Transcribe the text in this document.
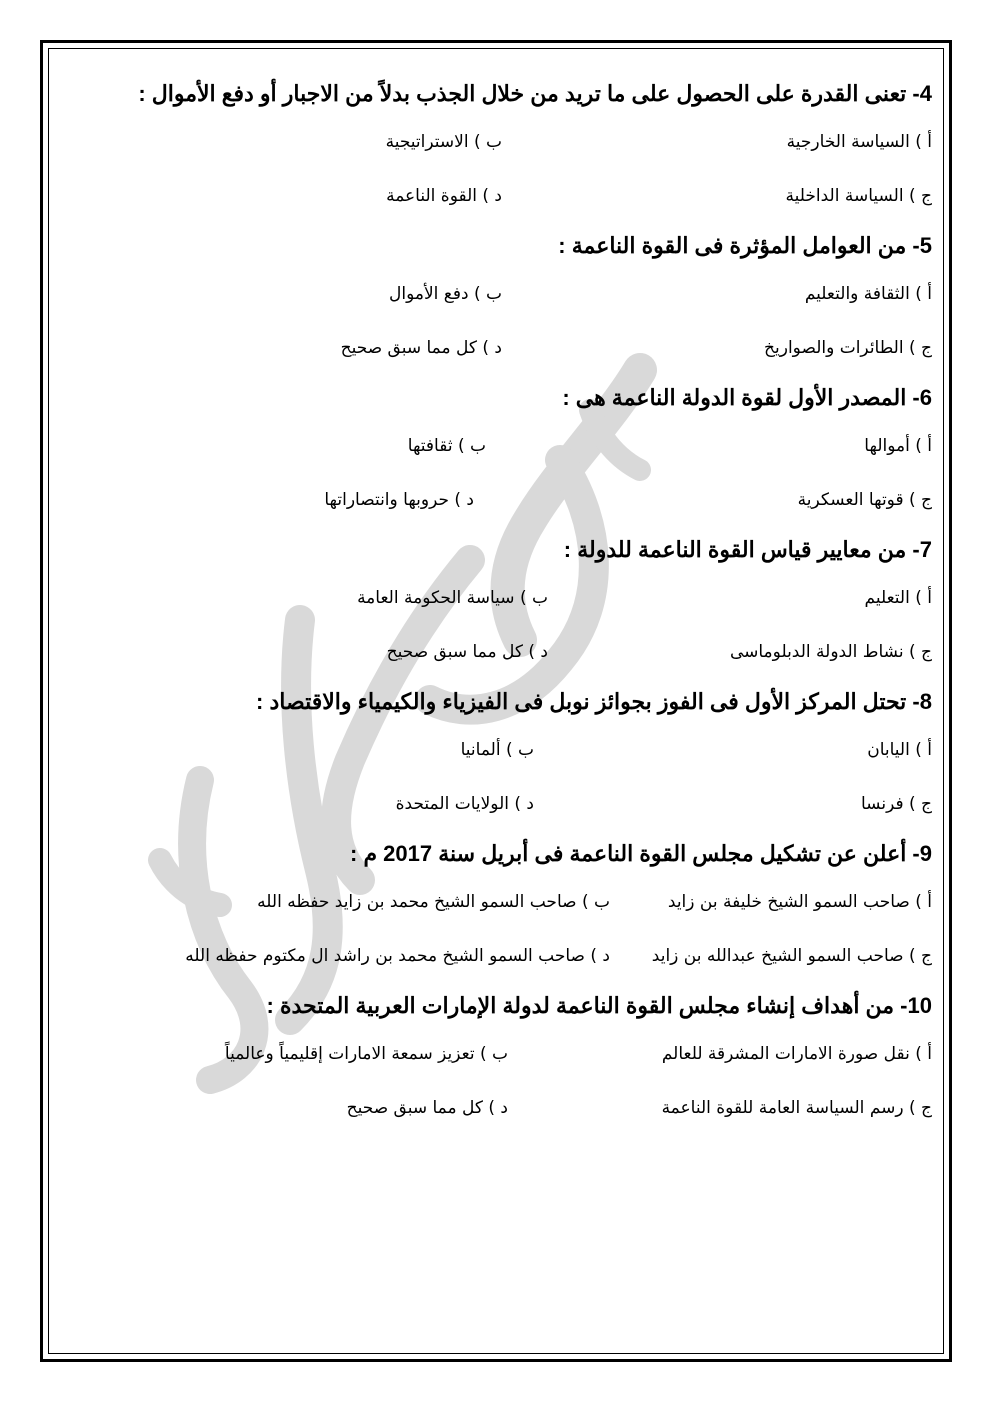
4- تعنى القدرة على الحصول على ما تريد من خلال الجذب بدلاً من الاجبار أو دفع الأموال :
أ ) السياسة الخارجية
ب ) الاستراتيجية
ج ) السياسة الداخلية
د ) القوة الناعمة
5- من العوامل المؤثرة فى القوة الناعمة :
أ ) الثقافة والتعليم
ب ) دفع الأموال
ج ) الطائرات والصواريخ
د ) كل مما سبق صحيح
6- المصدر الأول لقوة الدولة الناعمة هى :
أ ) أموالها
ب ) ثقافتها
ج ) قوتها العسكرية
د ) حروبها وانتصاراتها
7- من معايير قياس القوة الناعمة للدولة :
أ ) التعليم
ب ) سياسة الحكومة العامة
ج ) نشاط الدولة الدبلوماسى
د ) كل مما سبق صحيح
8- تحتل المركز الأول فى الفوز بجوائز نوبل فى الفيزياء والكيمياء والاقتصاد :
أ ) اليابان
ب ) ألمانيا
ج ) فرنسا
د ) الولايات المتحدة
9- أعلن عن تشكيل مجلس القوة الناعمة فى أبريل سنة 2017 م :
أ ) صاحب السمو الشيخ خليفة بن زايد
ب ) صاحب السمو الشيخ محمد بن زايد حفظه الله
ج ) صاحب السمو الشيخ عبدالله بن زايد
د ) صاحب السمو الشيخ محمد بن راشد ال مكتوم حفظه الله
10- من أهداف إنشاء مجلس القوة الناعمة لدولة الإمارات العربية المتحدة :
أ ) نقل صورة الامارات المشرقة للعالم
ب ) تعزيز سمعة الامارات إقليمياً وعالمياً
ج ) رسم السياسة العامة للقوة الناعمة
د ) كل مما سبق صحيح
